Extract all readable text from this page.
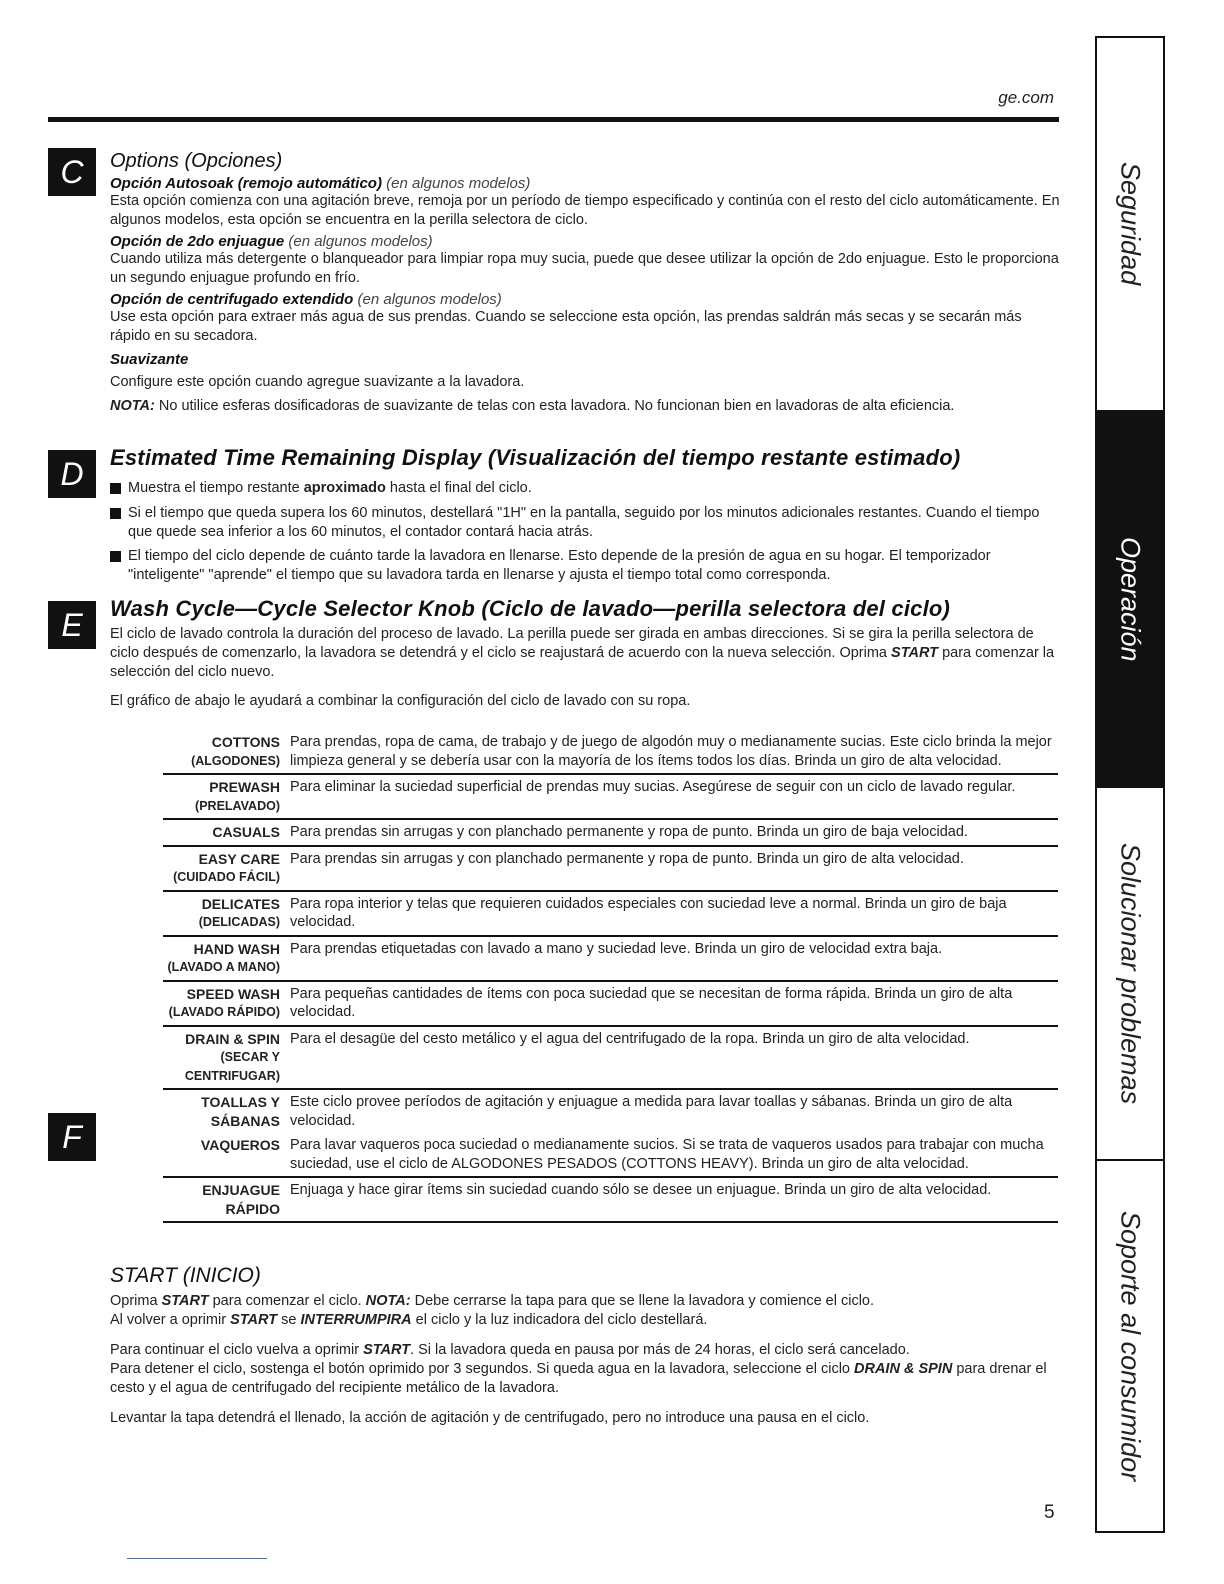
ge.com
C
D
E
F
Options (Opciones)
Opción Autosoak (remojo automático) (en algunos modelos)
Esta opción comienza con una agitación breve, remoja por un período de tiempo especificado y continúa con el resto del ciclo automáticamente. En algunos modelos, esta opción se encuentra en la perilla selectora de ciclo.
Opción de 2do enjuague (en algunos modelos)
Cuando utiliza más detergente o blanqueador para limpiar ropa muy sucia, puede que desee utilizar la opción de 2do enjuague. Esto le proporciona un segundo enjuague profundo en frío.
Opción de centrifugado extendido (en algunos modelos)
Use esta opción para extraer más agua de sus prendas. Cuando se seleccione esta opción, las prendas saldrán más secas y se secarán más rápido en su secadora.
Suavizante
Configure este opción cuando agregue suavizante a la lavadora.
NOTA: No utilice esferas dosificadoras de suavizante de telas con esta lavadora. No funcionan bien en lavadoras de alta eficiencia.
Estimated Time Remaining Display (Visualización del tiempo restante estimado)
Muestra el tiempo restante aproximado hasta el final del ciclo.
Si el tiempo que queda supera los 60 minutos, destellará "1H" en la pantalla, seguido por los minutos adicionales restantes. Cuando el tiempo que quede sea inferior a los 60 minutos, el contador contará hacia atrás.
El tiempo del ciclo depende de cuánto tarde la lavadora en llenarse. Esto depende de la presión de agua en su hogar. El temporizador "inteligente" "aprende" el tiempo que su lavadora tarda en llenarse y ajusta el tiempo total como corresponda.
Wash Cycle—Cycle Selector Knob (Ciclo de lavado—perilla selectora del ciclo)
El ciclo de lavado controla la duración del proceso de lavado. La perilla puede ser girada en ambas direcciones. Si se gira la perilla selectora de ciclo después de comenzarlo, la lavadora se detendrá y el ciclo se reajustará de acuerdo con la nueva selección. Oprima START para comenzar la selección del ciclo nuevo.
El gráfico de abajo le ayudará a combinar la configuración del ciclo de lavado con su ropa.
COTTONS
(ALGODONES)	Para prendas, ropa de cama, de trabajo y de juego de algodón muy o medianamente sucias. Este ciclo brinda la mejor limpieza general y se debería usar con la mayoría de los ítems todos los días. Brinda un giro de alta velocidad.

PREWASH
(PRELAVADO)	Para eliminar la suciedad superficial de prendas muy sucias. Asegúrese de seguir con un ciclo de lavado regular.

CASUALS	Para prendas sin arrugas y con planchado permanente y ropa de punto. Brinda un giro de baja velocidad.

EASY CARE
(CUIDADO FÁCIL)	Para prendas sin arrugas y con planchado permanente y ropa de punto. Brinda un giro de alta velocidad.

DELICATES
(DELICADAS)	Para ropa interior y telas que requieren cuidados especiales con suciedad leve a normal. Brinda un giro de baja velocidad.

HAND WASH
(LAVADO A MANO)	Para prendas etiquetadas con lavado a mano y suciedad leve. Brinda un giro de velocidad extra baja.

SPEED WASH
(LAVADO RÁPIDO)	Para pequeñas cantidades de ítems con poca suciedad que se necesitan de forma rápida. Brinda un giro de alta velocidad.

DRAIN & SPIN
(SECAR Y CENTRIFUGAR)	Para el desagüe del cesto metálico y el agua del centrifugado de la ropa. Brinda un giro de alta velocidad.

TOALLAS Y SÁBANAS	Este ciclo provee períodos de agitación y enjuague a medida para lavar toallas y sábanas. Brinda un giro de alta velocidad.

VAQUEROS	Para lavar vaqueros poca suciedad o medianamente sucios. Si se trata de vaqueros usados para trabajar con mucha suciedad, use el ciclo de ALGODONES PESADOS (COTTONS HEAVY). Brinda un giro de alta velocidad.

ENJUAGUE RÁPIDO	Enjuaga y hace girar ítems sin suciedad cuando sólo se desee un enjuague. Brinda un giro de alta velocidad.
START (INICIO)
Oprima START para comenzar el ciclo. NOTA: Debe cerrarse la tapa para que se llene la lavadora y comience el ciclo.
Al volver a oprimir START se INTERRUMPIRA el ciclo y la luz indicadora del ciclo destellará.
Para continuar el ciclo vuelva a oprimir START. Si la lavadora queda en pausa por más de 24 horas, el ciclo será cancelado.
Para detener el ciclo, sostenga el botón oprimido por 3 segundos. Si queda agua en la lavadora, seleccione el ciclo DRAIN & SPIN para drenar el cesto y el agua de centrifugado del recipiente metálico de la lavadora.
Levantar la tapa detendrá el llenado, la acción de agitación y de centrifugado, pero no introduce una pausa en el ciclo.
Seguridad
Operación
Solucionar problemas
Soporte al consumidor
5
